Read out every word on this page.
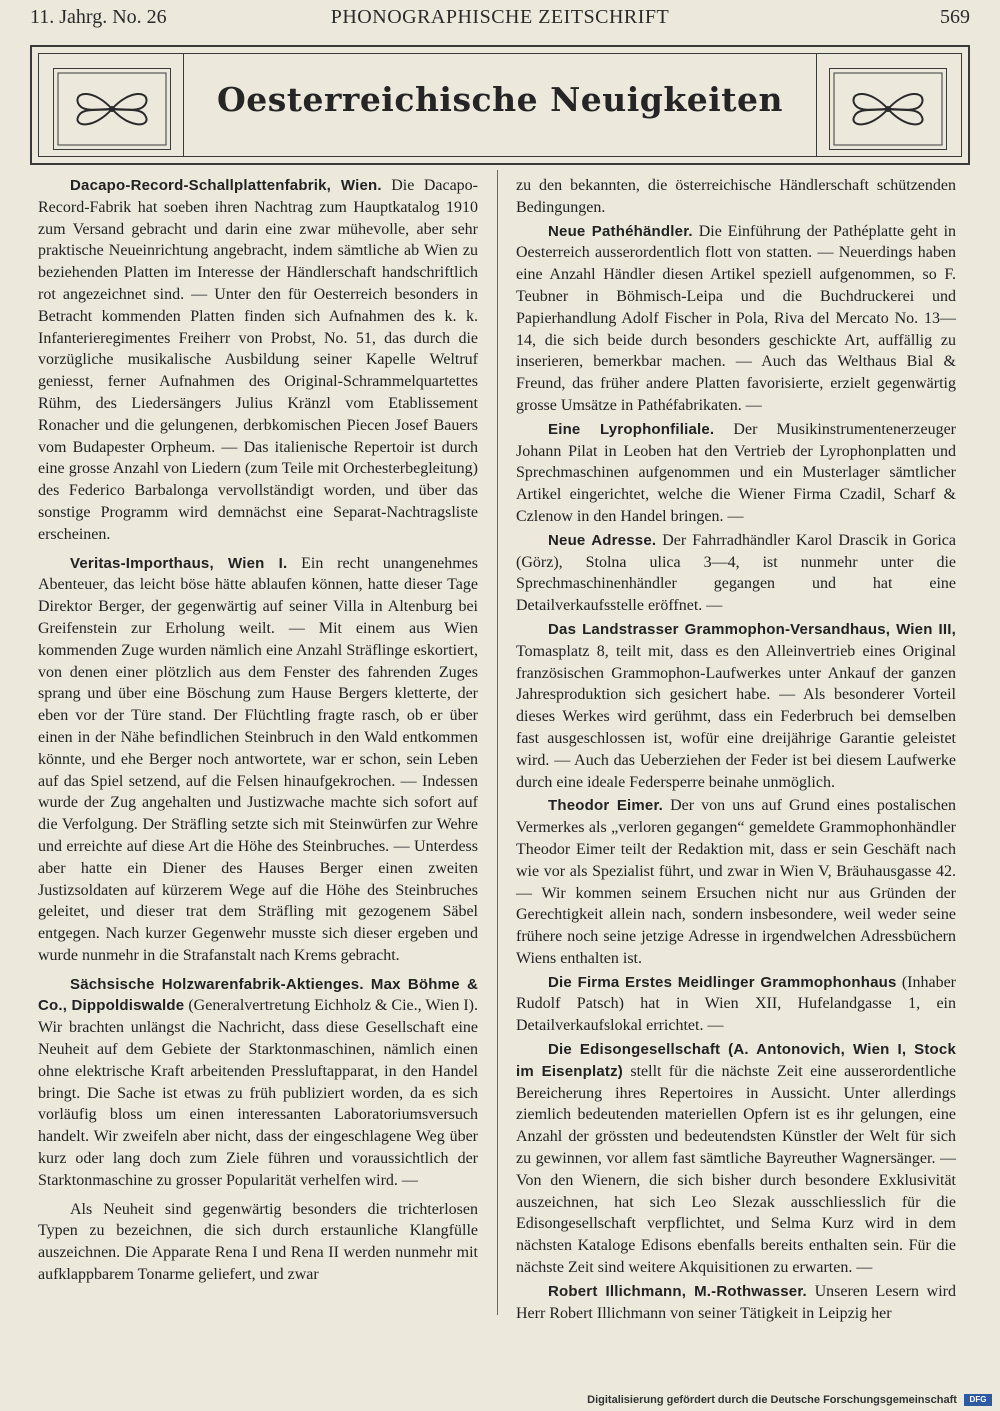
11. Jahrg. No. 26	PHONOGRAPHISCHE ZEITSCHRIFT	569
Oesterreichische Neuigkeiten

Dacapo-Record-Schallplattenfabrik, Wien. Die Dacapo-Record-Fabrik hat soeben ihren Nachtrag zum Hauptkatalog 1910 zum Versand gebracht und darin eine zwar mühevolle, aber sehr praktische Neueinrichtung angebracht, indem sämtliche ab Wien zu beziehenden Platten im Interesse der Händlerschaft handschriftlich rot angezeichnet sind. — Unter den für Oesterreich besonders in Betracht kommenden Platten finden sich Aufnahmen des k. k. Infanterieregimentes Freiherr von Probst, No. 51, das durch die vorzügliche musikalische Ausbildung seiner Kapelle Weltruf geniesst, ferner Aufnahmen des Original-Schrammelquartettes Rühm, des Liedersängers Julius Kränzl vom Etablissement Ronacher und die gelungenen, derbkomischen Piecen Josef Bauers vom Budapester Orpheum. — Das italienische Repertoir ist durch eine grosse Anzahl von Liedern (zum Teile mit Orchesterbegleitung) des Federico Barbalonga vervollständigt worden, und über das sonstige Programm wird demnächst eine Separat-Nachtragsliste erscheinen.

Veritas-Importhaus, Wien I. Ein recht unangenehmes Abenteuer, das leicht böse hätte ablaufen können, hatte dieser Tage Direktor Berger, der gegenwärtig auf seiner Villa in Altenburg bei Greifenstein zur Erholung weilt. — Mit einem aus Wien kommenden Zuge wurden nämlich eine Anzahl Sträflinge eskortiert, von denen einer plötzlich aus dem Fenster des fahrenden Zuges sprang und über eine Böschung zum Hause Bergers kletterte, der eben vor der Türe stand. Der Flüchtling fragte rasch, ob er über einen in der Nähe befindlichen Steinbruch in den Wald entkommen könnte, und ehe Berger noch antwortete, war er schon, sein Leben auf das Spiel setzend, auf die Felsen hinaufgekrochen. — Indessen wurde der Zug angehalten und Justizwache machte sich sofort auf die Verfolgung. Der Sträfling setzte sich mit Steinwürfen zur Wehre und erreichte auf diese Art die Höhe des Steinbruches. — Unterdess aber hatte ein Diener des Hauses Berger einen zweiten Justizsoldaten auf kürzerem Wege auf die Höhe des Steinbruches geleitet, und dieser trat dem Sträfling mit gezogenem Säbel entgegen. Nach kurzer Gegenwehr musste sich dieser ergeben und wurde nunmehr in die Strafanstalt nach Krems gebracht.

Sächsische Holzwarenfabrik-Aktienges. Max Böhme & Co., Dippoldiswalde (Generalvertretung Eichholz & Cie., Wien I). Wir brachten unlängst die Nachricht, dass diese Gesellschaft eine Neuheit auf dem Gebiete der Starktonmaschinen, nämlich einen ohne elektrische Kraft arbeitenden Pressluftapparat, in den Handel bringt. Die Sache ist etwas zu früh publiziert worden, da es sich vorläufig bloss um einen interessanten Laboratoriumsversuch handelt. Wir zweifeln aber nicht, dass der eingeschlagene Weg über kurz oder lang doch zum Ziele führen und voraussichtlich der Starktonmaschine zu grosser Popularität verhelfen wird. —

Als Neuheit sind gegenwärtig besonders die trichterlosen Typen zu bezeichnen, die sich durch erstaunliche Klangfülle auszeichnen. Die Apparate Rena I und Rena II werden nunmehr mit aufklappbarem Tonarme geliefert, und zwar

zu den bekannten, die österreichische Händlerschaft schützenden Bedingungen.

Neue Pathéhändler. Die Einführung der Pathéplatte geht in Oesterreich ausserordentlich flott von statten. — Neuerdings haben eine Anzahl Händler diesen Artikel speziell aufgenommen, so F. Teubner in Böhmisch-Leipa und die Buchdruckerei und Papierhandlung Adolf Fischer in Pola, Riva del Mercato No. 13—14, die sich beide durch besonders geschickte Art, auffällig zu inserieren, bemerkbar machen. — Auch das Welthaus Bial & Freund, das früher andere Platten favorisierte, erzielt gegenwärtig grosse Umsätze in Pathéfabrikaten. —

Eine Lyrophonfiliale. Der Musikinstrumentenerzeuger Johann Pilat in Leoben hat den Vertrieb der Lyrophonplatten und Sprechmaschinen aufgenommen und ein Musterlager sämtlicher Artikel eingerichtet, welche die Wiener Firma Czadil, Scharf & Czlenow in den Handel bringen. —

Neue Adresse. Der Fahrradhändler Karol Drascik in Gorica (Görz), Stolna ulica 3—4, ist nunmehr unter die Sprechmaschinenhändler gegangen und hat eine Detailverkaufsstelle eröffnet. —

Das Landstrasser Grammophon-Versandhaus, Wien III, Tomasplatz 8, teilt mit, dass es den Alleinvertrieb eines Original französischen Grammophon-Laufwerkes unter Ankauf der ganzen Jahresproduktion sich gesichert habe. — Als besonderer Vorteil dieses Werkes wird gerühmt, dass ein Federbruch bei demselben fast ausgeschlossen ist, wofür eine dreijährige Garantie geleistet wird. — Auch das Ueberziehen der Feder ist bei diesem Laufwerke durch eine ideale Federsperre beinahe unmöglich.

Theodor Eimer. Der von uns auf Grund eines postalischen Vermerkes als „verloren gegangen“ gemeldete Grammophonhändler Theodor Eimer teilt der Redaktion mit, dass er sein Geschäft nach wie vor als Spezialist führt, und zwar in Wien V, Bräuhausgasse 42. — Wir kommen seinem Ersuchen nicht nur aus Gründen der Gerechtigkeit allein nach, sondern insbesondere, weil weder seine frühere noch seine jetzige Adresse in irgendwelchen Adressbüchern Wiens enthalten ist.

Die Firma Erstes Meidlinger Grammophonhaus (Inhaber Rudolf Patsch) hat in Wien XII, Hufelandgasse 1, ein Detailverkaufslokal errichtet. —

Die Edisongesellschaft (A. Antonovich, Wien I, Stock im Eisenplatz) stellt für die nächste Zeit eine ausserordentliche Bereicherung ihres Repertoires in Aussicht. Unter allerdings ziemlich bedeutenden materiellen Opfern ist es ihr gelungen, eine Anzahl der grössten und bedeutendsten Künstler der Welt für sich zu gewinnen, vor allem fast sämtliche Bayreuther Wagnersänger. — Von den Wienern, die sich bisher durch besondere Exklusivität auszeichnen, hat sich Leo Slezak ausschliesslich für die Edisongesellschaft verpflichtet, und Selma Kurz wird in dem nächsten Kataloge Edisons ebenfalls bereits enthalten sein. Für die nächste Zeit sind weitere Akquisitionen zu erwarten. —

Robert Illichmann, M.-Rothwasser. Unseren Lesern wird Herr Robert Illichmann von seiner Tätigkeit in Leipzig her

Digitalisierung gefördert durch die Deutsche Forschungsgemeinschaft DFG
